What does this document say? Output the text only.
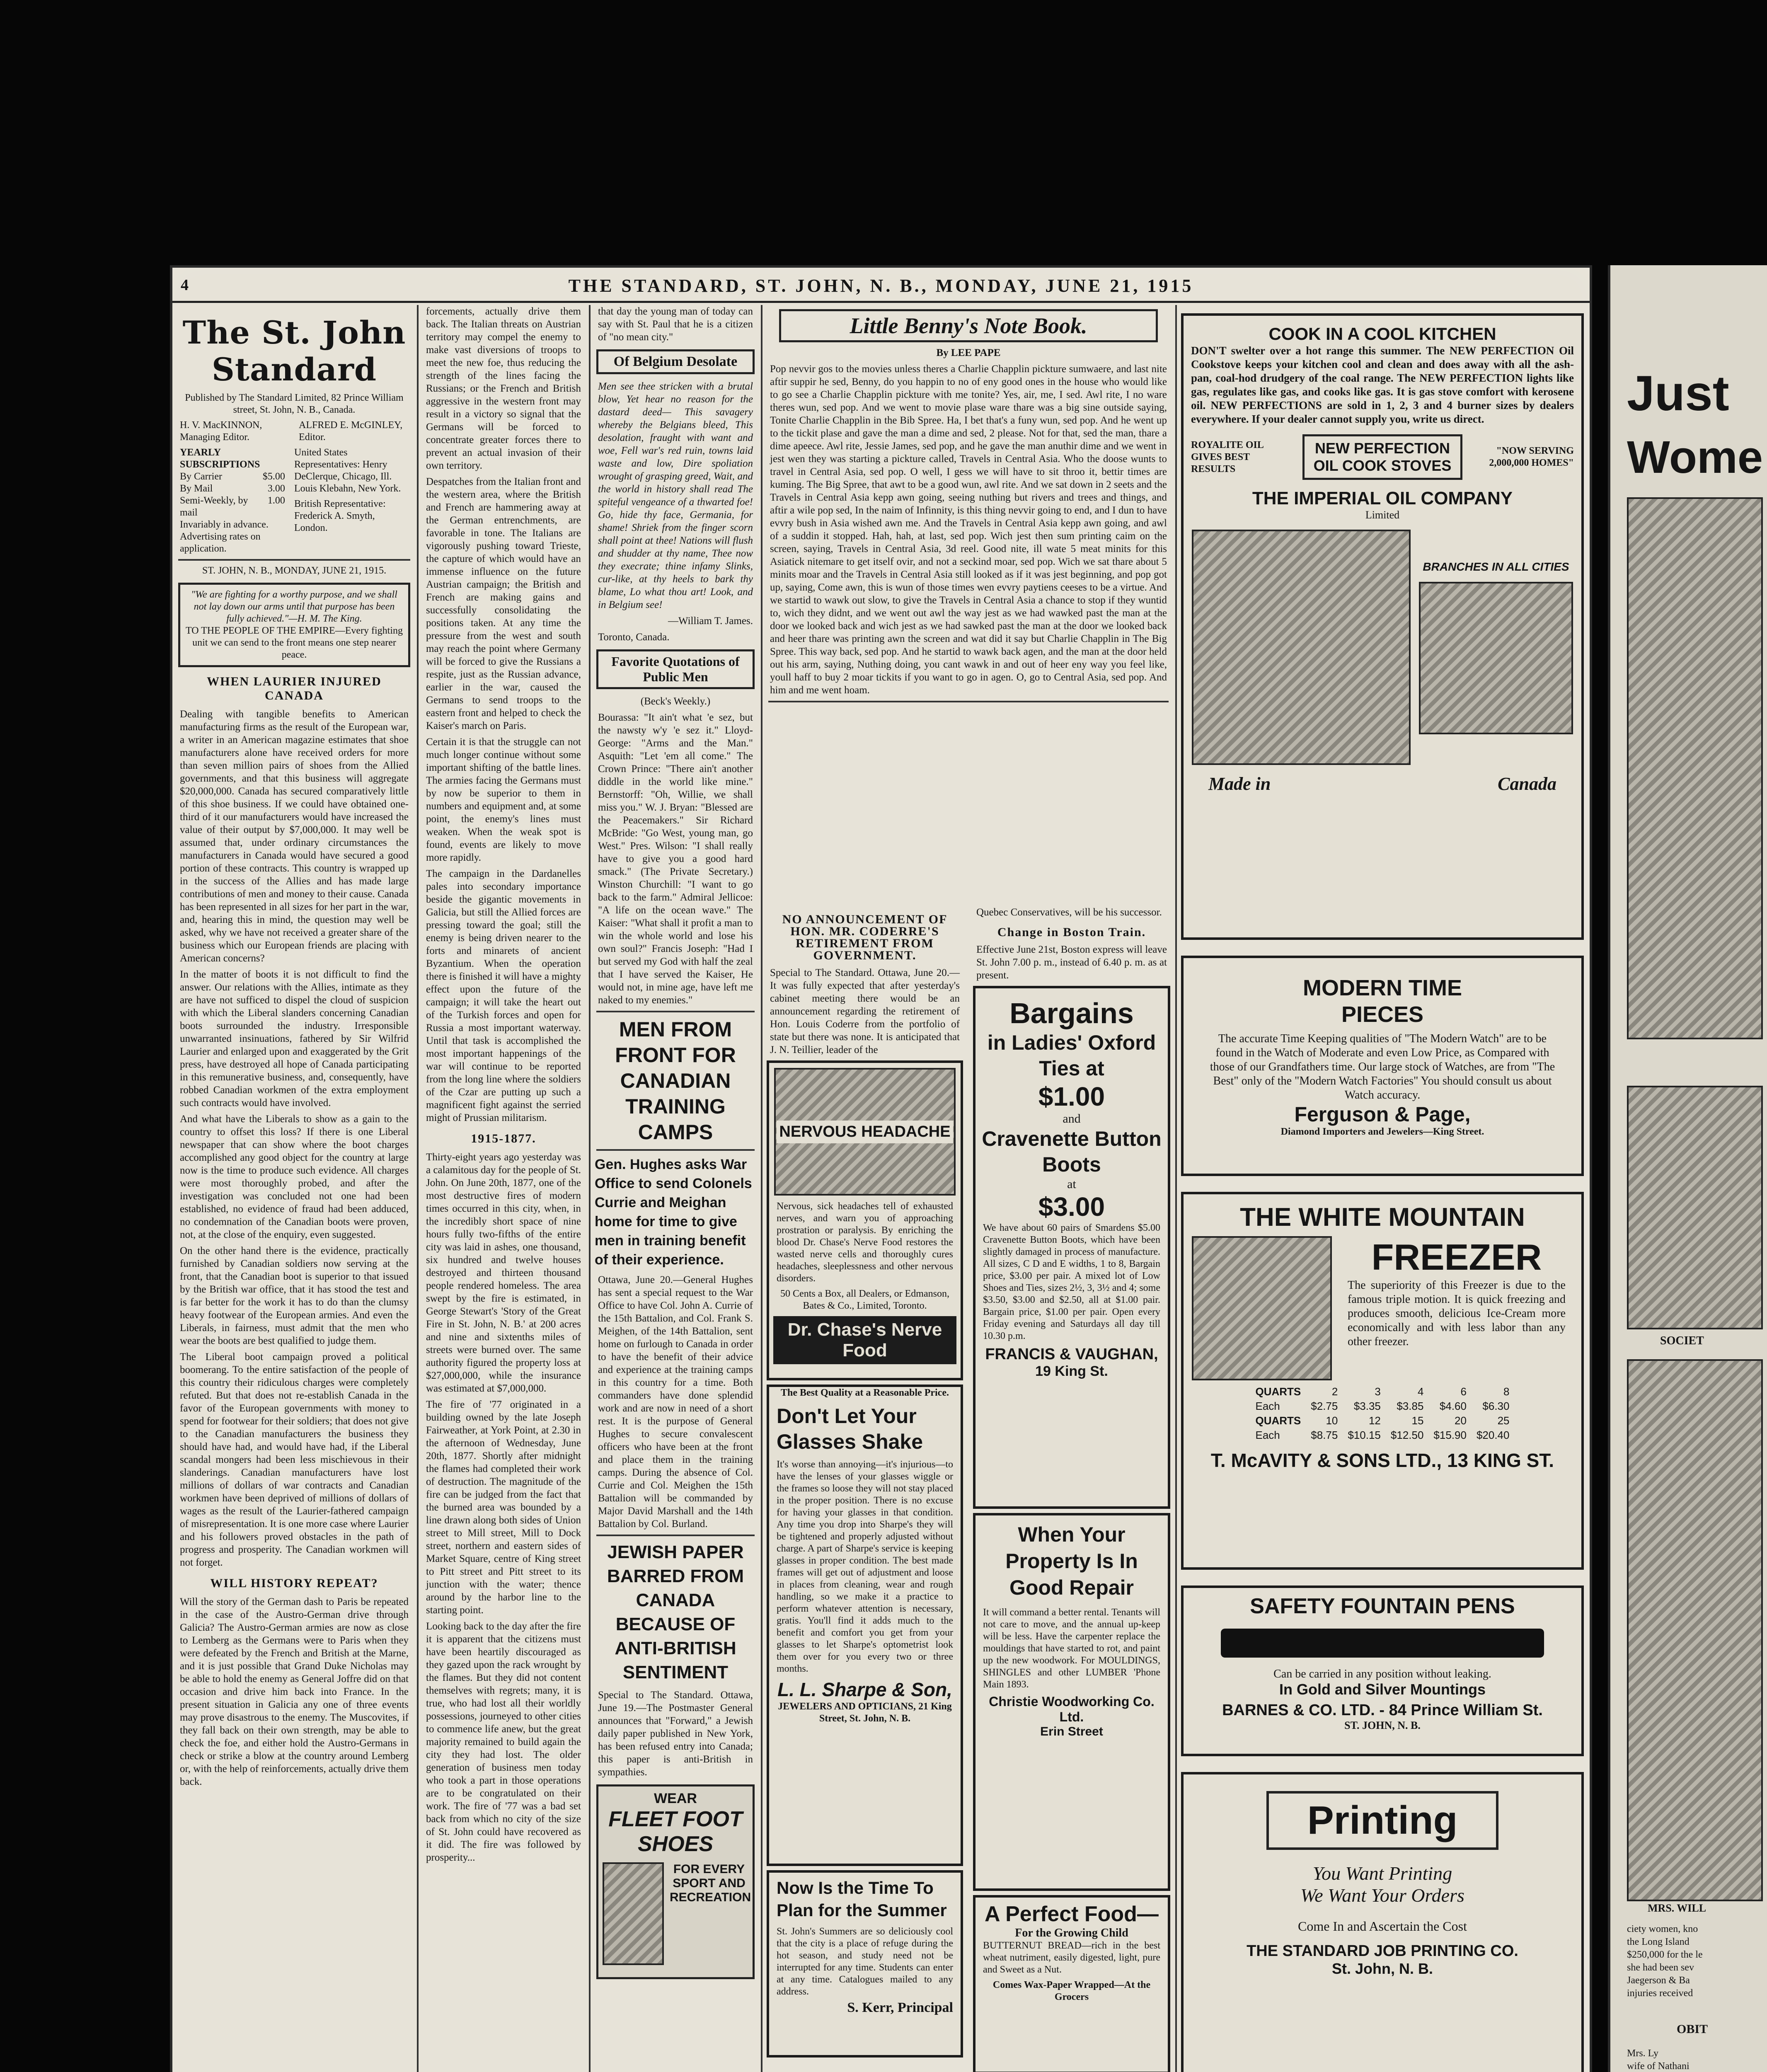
4	THE STANDARD, ST. JOHN, N. B., MONDAY, JUNE 21, 1915
The St. John Standard
Published by The Standard Limited, 82 Prince William street, St. John, N. B., Canada.
H. V. MacKINNON, Managing Editor.
ALFRED E. McGINLEY, Editor.
YEARLY SUBSCRIPTIONS
By Carrier	$5.00
By Mail	3.00
Semi-Weekly, by mail
1.00
Invariably in advance.
Advertising rates on application.
United States Representatives: Henry DeClerque, Chicago, Ill. Louis Klebahn, New York.
British Representative: Frederick A. Smyth, London.
ST. JOHN, N. B., MONDAY, JUNE 21, 1915.
"We are fighting for a worthy purpose, and we shall not lay down our arms until that purpose has been fully achieved."—H. M. The King.
TO THE PEOPLE OF THE EMPIRE—Every fighting unit we can send to the front means one step nearer peace.
WHEN LAURIER INJURED CANADA

Dealing with tangible benefits to American manufacturing firms as the result of the European war, a writer in an American magazine estimates that shoe manufacturers alone have received orders for more than seven million pairs of shoes from the Allied governments, and that this business will aggregate $20,000,000. Canada has secured comparatively little of this shoe business. If we could have obtained one-third of it our manufacturers would have increased the value of their output by $7,000,000. It may well be assumed that, under ordinary circumstances the manufacturers in Canada would have secured a good portion of these contracts. This country is wrapped up in the success of the Allies and has made large contributions of men and money to their cause. Canada has been represented in all sizes for her part in the war, and, hearing this in mind, the question may well be asked, why we have not received a greater share of the business which our European friends are placing with American concerns?

In the matter of boots it is not difficult to find the answer. Our relations with the Allies, intimate as they are have not sufficed to dispel the cloud of suspicion with which the Liberal slanders concerning Canadian boots surrounded the industry. Irresponsible unwarranted insinuations, fathered by Sir Wilfrid Laurier and enlarged upon and exaggerated by the Grit press, have destroyed all hope of Canada participating in this remunerative business, and, consequently, have robbed Canadian workmen of the extra employment such contracts would have involved.

And what have the Liberals to show as a gain to the country to offset this loss? If there is one Liberal newspaper that can show where the boot charges accomplished any good object for the country at large now is the time to produce such evidence. All charges were most thoroughly probed, and after the investigation was concluded not one had been established, no evidence of fraud had been adduced, no condemnation of the Canadian boots were proven, not, at the close of the enquiry, even suggested.

On the other hand there is the evidence, practically furnished by Canadian soldiers now serving at the front, that the Canadian boot is superior to that issued by the British war office, that it has stood the test and is far better for the work it has to do than the clumsy heavy footwear of the European armies. And even the Liberals, in fairness, must admit that the men who wear the boots are best qualified to judge them.

The Liberal boot campaign proved a political boomerang. To the entire satisfaction of the people of this country their ridiculous charges were completely refuted. But that does not re-establish Canada in the favor of the European governments with money to spend for footwear for their soldiers; that does not give to the Canadian manufacturers the business they should have had, and would have had, if the Liberal scandal mongers had been less mischievous in their slanderings. Canadian manufacturers have lost millions of dollars of war contracts and Canadian workmen have been deprived of millions of dollars of wages as the result of the Laurier-fathered campaign of misrepresentation. It is one more case where Laurier and his followers proved obstacles in the path of progress and prosperity. The Canadian workmen will not forget.

WILL HISTORY REPEAT?

Will the story of the German dash to Paris be repeated in the case of the Austro-German drive through Galicia? The Austro-German armies are now as close to Lemberg as the Germans were to Paris when they were defeated by the French and British at the Marne, and it is just possible that Grand Duke Nicholas may be able to hold the enemy as General Joffre did on that occasion and drive him back into France. In the present situation in Galicia any one of three events may prove disastrous to the enemy. The Muscovites, if they fall back on their own strength, may be able to check the foe, and either hold the Austro-Germans in check or strike a blow at the country around Lemberg or, with the help of reinforcements, actually drive them back.

forcements, actually drive them back. The Italian threats on Austrian territory may compel the enemy to make vast diversions of troops to meet the new foe, thus reducing the strength of the lines facing the Russians; or the French and British aggressive in the western front may result in a victory so signal that the Germans will be forced to concentrate greater forces there to prevent an actual invasion of their own territory.

Despatches from the Italian front and the western area, where the British and French are hammering away at the German entrenchments, are favorable in tone. The Italians are vigorously pushing toward Trieste, the capture of which would have an immense influence on the future Austrian campaign; the British and French are making gains and successfully consolidating the positions taken. At any time the pressure from the west and south may reach the point where Germany will be forced to give the Russians a respite, just as the Russian advance, earlier in the war, caused the Germans to send troops to the eastern front and helped to check the Kaiser's march on Paris.

Certain it is that the struggle can not much longer continue without some important shifting of the battle lines. The armies facing the Germans must by now be superior to them in numbers and equipment and, at some point, the enemy's lines must weaken. When the weak spot is found, events are likely to move more rapidly.

The campaign in the Dardanelles pales into secondary importance beside the gigantic movements in Galicia, but still the Allied forces are pressing toward the goal; still the enemy is being driven nearer to the forts and minarets of ancient Byzantium. When the operation there is finished it will have a mighty effect upon the future of the campaign; it will take the heart out of the Turkish forces and open for Russia a most important waterway. Until that task is accomplished the most important happenings of the war will continue to be reported from the long line where the soldiers of the Czar are putting up such a magnificent fight against the serried might of Prussian militarism.

1915-1877.

Thirty-eight years ago yesterday was a calamitous day for the people of St. John. On June 20th, 1877, one of the most destructive fires of modern times occurred in this city, when, in the incredibly short space of nine hours fully two-fifths of the entire city was laid in ashes, one thousand, six hundred and twelve houses destroyed and thirteen thousand people rendered homeless. The area swept by the fire is estimated, in George Stewart's 'Story of the Great Fire in St. John, N. B.' at 200 acres and nine and sixtenths miles of streets were burned over. The same authority figured the property loss at $27,000,000, while the insurance was estimated at $7,000,000.

The fire of '77 originated in a building owned by the late Joseph Fairweather, at York Point, at 2.30 in the afternoon of Wednesday, June 20th, 1877. Shortly after midnight the flames had completed their work of destruction. The magnitude of the fire can be judged from the fact that the burned area was bounded by a line drawn along both sides of Union street to Mill street, Mill to Dock street, northern and eastern sides of Market Square, centre of King street to Pitt street and Pitt street to its junction with the water; thence around by the harbor line to the starting point.

Looking back to the day after the fire it is apparent that the citizens must have been heartily discouraged as they gazed upon the rack wrought by the flames. But they did not content themselves with regrets; many, it is true, who had lost all their worldly possessions, journeyed to other cities to commence life anew, but the great majority remained to build again the city they had lost. The older generation of business men today who took a part in those operations are to be congratulated on their work. The fire of '77 was a bad set back from which no city of the size of St. John could have recovered as it did. The fire was followed by prosperity...

that day the young man of today can say with St. Paul that he is a citizen of "no mean city."

Of Belgium Desolate

Men see thee stricken with a brutal blow, Yet hear no reason for the dastard deed— This savagery whereby the Belgians bleed, This desolation, fraught with want and woe, Fell war's red ruin, towns laid waste and low, Dire spoliation wrought of grasping greed, Wait, and the world in history shall read The spiteful vengeance of a thwarted foe! Go, hide thy face, Germania, for shame! Shriek from the finger scorn shall point at thee! Nations will flush and shudder at thy name, Thee now they execrate; thine infamy Slinks, cur-like, at thy heels to bark thy blame, Lo what thou art! Look, and in Belgium see!

—William T. James.
Toronto, Canada.
Favorite Quotations of Public Men
(Beck's Weekly.)

Bourassa: "It ain't what 'e sez, but the nawsty w'y 'e sez it." Lloyd-George: "Arms and the Man." Asquith: "Let 'em all come." The Crown Prince: "There ain't another diddle in the world like mine." Bernstorff: "Oh, Willie, we shall miss you." W. J. Bryan: "Blessed are the Peacemakers." Sir Richard McBride: "Go West, young man, go West." Pres. Wilson: "I shall really have to give you a good hard smack." (The Private Secretary.) Winston Churchill: "I want to go back to the farm." Admiral Jellicoe: "A life on the ocean wave." The Kaiser: "What shall it profit a man to win the whole world and lose his own soul?" Francis Joseph: "Had I but served my God with half the zeal that I have served the Kaiser, He would not, in mine age, have left me naked to my enemies."

MEN FROM FRONT FOR CANADIAN TRAINING CAMPS
Gen. Hughes asks War Office to send Colonels Currie and Meighan home for time to give men in training benefit of their experience.

Ottawa, June 20.—General Hughes has sent a special request to the War Office to have Col. John A. Currie of the 15th Battalion, and Col. Frank S. Meighen, of the 14th Battalion, sent home on furlough to Canada in order to have the benefit of their advice and experience at the training camps in this country for a time. Both commanders have done splendid work and are now in need of a short rest. It is the purpose of General Hughes to secure convalescent officers who have been at the front and place them in the training camps. During the absence of Col. Currie and Col. Meighen the 15th Battalion will be commanded by Major David Marshall and the 14th Battalion by Col. Burland.

JEWISH PAPER BARRED FROM CANADA BECAUSE OF ANTI-BRITISH SENTIMENT

Special to The Standard. Ottawa, June 19.—The Postmaster General announces that "Forward," a Jewish daily paper published in New York, has been refused entry into Canada; this paper is anti-British in sympathies.

WEAR
FLEET FOOT SHOES
FOR EVERY SPORT AND RECREATION
Little Benny's Note Book.
By LEE PAPE

Pop nevvir gos to the movies unless theres a Charlie Chapplin pickture sumwaere, and last nite aftir suppir he sed, Benny, do you happin to no of eny good ones in the house who would like to go see a Charlie Chapplin pickture with me tonite? Yes, air, me, I sed. Awl rite, I no ware theres wun, sed pop. And we went to movie plase ware thare was a big sine outside saying, Tonite Charlie Chapplin in the Bib Spree. Ha, I bet that's a funy wun, sed pop. And he went up to the tickit plase and gave the man a dime and sed, 2 please. Not for that, sed the man, thare a dime apeece. Awl rite, Jessie James, sed pop, and he gave the man anuthir dime and we went in jest wen they was starting a pickture called, Travels in Central Asia. Who the doose wunts to travel in Central Asia, sed pop. O well, I gess we will have to sit throo it, bettir times are kuming. The Big Spree, that awt to be a good wun, awl rite. And we sat down in 2 seets and the Travels in Central Asia kepp awn going, seeing nuthing but rivers and trees and things, and aftir a wile pop sed, In the naim of Infinnity, is this thing nevvir going to end, and I dun to have evvry bush in Asia wished awn me. And the Travels in Central Asia kepp awn going, and awl of a suddin it stopped. Hah, hah, at last, sed pop. Wich jest then sum printing caim on the screen, saying, Travels in Central Asia, 3d reel. Good nite, ill wate 5 meat minits for this Asiatick nitemare to get itself ovir, and not a seckind moar, sed pop. Wich we sat thare about 5 minits moar and the Travels in Central Asia still looked as if it was jest beginning, and pop got up, saying, Come awn, this is wun of those times wen evvry paytiens ceeses to be a virtue. And we startid to wawk out slow, to give the Travels in Central Asia a chance to stop if they wuntid to, wich they didnt, and we went out awl the way jest as we had wawked past the man at the door we looked back and wich jest as we had sawked past the man at the door we looked back and heer thare was printing awn the screen and wat did it say but Charlie Chapplin in The Big Spree. This way back, sed pop. And he startid to wawk back agen, and the man at the door held out his arm, saying, Nuthing doing, you cant wawk in and out of heer eny way you feel like, youll haff to buy 2 moar tickits if you want to go in agen. O, go to Central Asia, sed pop. And him and me went hoam.

NO ANNOUNCEMENT OF HON. MR. CODERRE'S RETIREMENT FROM GOVERNMENT.

Special to The Standard. Ottawa, June 20.—It was fully expected that after yesterday's cabinet meeting there would be an announcement regarding the retirement of Hon. Louis Coderre from the portfolio of state but there was none. It is anticipated that J. N. Teillier, leader of the

NERVOUS HEADACHE

Nervous, sick headaches tell of exhausted nerves, and warn you of approaching prostration or paralysis. By enriching the blood Dr. Chase's Nerve Food restores the wasted nerve cells and thoroughly cures headaches, sleeplessness and other nervous disorders.

50 Cents a Box, all Dealers, or Edmanson, Bates & Co., Limited, Toronto.
Dr. Chase's Nerve Food
The Best Quality at a Reasonable Price.
Don't Let Your Glasses Shake

It's worse than annoying—it's injurious—to have the lenses of your glasses wiggle or the frames so loose they will not stay placed in the proper position. There is no excuse for having your glasses in that condition. Any time you drop into Sharpe's they will be tightened and properly adjusted without charge. A part of Sharpe's service is keeping glasses in proper condition. The best made frames will get out of adjustment and loose in places from cleaning, wear and rough handling, so we make it a practice to perform whatever attention is necessary, gratis. You'll find it adds much to the benefit and comfort you get from your glasses to let Sharpe's optometrist look them over for you every two or three months.

L. L. Sharpe & Son,
JEWELERS AND OPTICIANS, 21 King Street, St. John, N. B.
Now Is the Time To Plan for the Summer

St. John's Summers are so deliciously cool that the city is a place of refuge during the hot season, and study need not be interrupted for any time. Students can enter at any time. Catalogues mailed to any address.

S. Kerr, Principal

Quebec Conservatives, will be his successor.

Change in Boston Train.

Effective June 21st, Boston express will leave St. John 7.00 p. m., instead of 6.40 p. m. as at present.

Bargains
in Ladies' Oxford Ties at
$1.00
and
Cravenette Button Boots
at
$3.00

We have about 60 pairs of Smardens $5.00 Cravenette Button Boots, which have been slightly damaged in process of manufacture. All sizes, C D and E widths, 1 to 8, Bargain price, $3.00 per pair. A mixed lot of Low Shoes and Ties, sizes 2½, 3, 3½ and 4; some $3.50, $3.00 and $2.50, all at $1.00 pair. Bargain price, $1.00 per pair. Open every Friday evening and Saturdays all day till 10.30 p.m.

FRANCIS & VAUGHAN,
19 King St.
When Your Property Is In Good Repair

It will command a better rental. Tenants will not care to move, and the annual up-keep will be less. Have the carpenter replace the mouldings that have started to rot, and paint up the new woodwork. For MOULDINGS, SHINGLES and other LUMBER 'Phone Main 1893.

Christie Woodworking Co. Ltd.
Erin Street
A Perfect Food—
For the Growing Child

BUTTERNUT BREAD—rich in the best wheat nutriment, easily digested, light, pure and Sweet as a Nut.

Comes Wax-Paper Wrapped—At the Grocers

COOK IN A COOL KITCHEN

DON'T swelter over a hot range this summer. The NEW PERFECTION Oil Cookstove keeps your kitchen cool and clean and does away with all the ash-pan, coal-hod drudgery of the coal range. The NEW PERFECTION lights like gas, regulates like gas, and cooks like gas. It is gas stove comfort with kerosene oil. NEW PERFECTIONS are sold in 1, 2, 3 and 4 burner sizes by dealers everywhere. If your dealer cannot supply you, write us direct.

ROYALITE OIL GIVES BEST RESULTS
NEW PERFECTION OIL COOK STOVES
"NOW SERVING 2,000,000 HOMES"
THE IMPERIAL OIL COMPANY
Limited
BRANCHES IN ALL CITIES
Made in	Canada
MODERN TIME PIECES

The accurate Time Keeping qualities of "The Modern Watch" are to be found in the Watch of Moderate and even Low Price, as Compared with those of our Grandfathers time. Our large stock of Watches, are from "The Best" only of the "Modern Watch Factories" You should consult us about Watch accuracy.

Ferguson & Page,
Diamond Importers and Jewelers—King Street.
THE WHITE MOUNTAIN
FREEZER

The superiority of this Freezer is due to the famous triple motion. It is quick freezing and produces smooth, delicious Ice-Cream more economically and with less labor than any other freezer.

QUARTS	2	3	4	6	8
Each	$2.75	$3.35	$3.85	$4.60	$6.30
QUARTS	10	12	15	20	25
Each	$8.75	$10.15	$12.50	$15.90	$20.40
T. McAVITY & SONS LTD., 13 KING ST.
SAFETY FOUNTAIN PENS
Can be carried in any position without leaking.
In Gold and Silver Mountings
BARNES & CO. LTD. - 84 Prince William St.
ST. JOHN, N. B.
Printing
You Want Printing
We Want Your Orders
Come In and Ascertain the Cost
THE STANDARD JOB PRINTING CO.
St. John, N. B.
Just
Wome
SOCIET
MRS. WILL
ciety women, kno
the Long Island
$250,000 for the le
she had been sev
Jaegerson & Ba
injuries received
OBIT
Mrs. Ly
wife of Nathani
